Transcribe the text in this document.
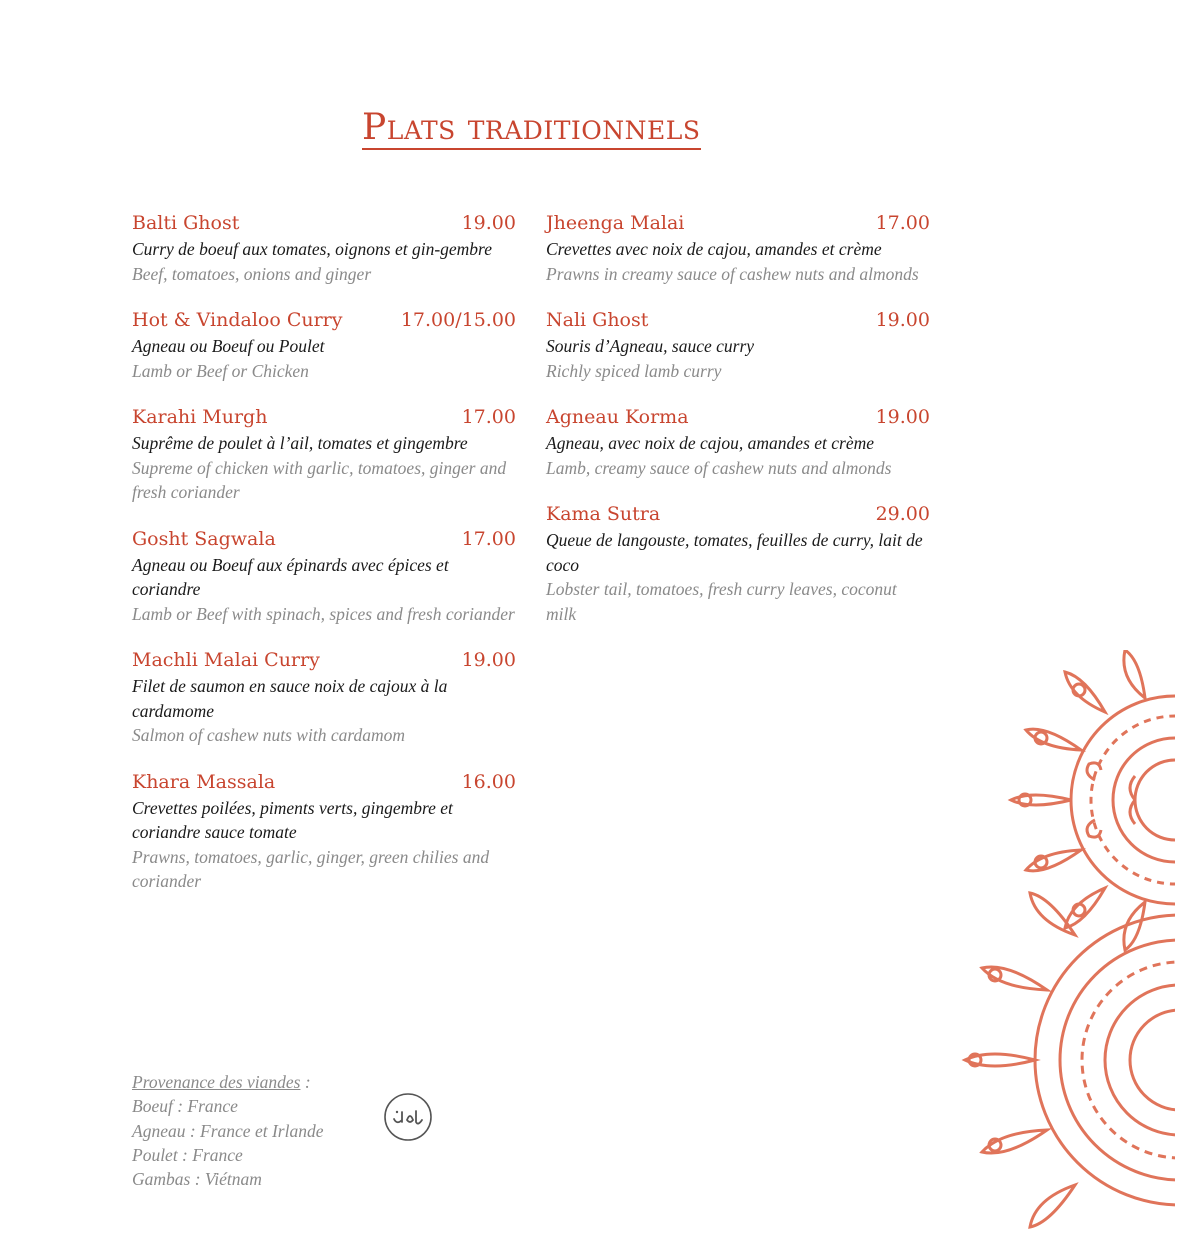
Plats traditionnels
Balti Ghost	19.00
Curry de boeuf aux tomates, oignons et gin-gembre
Beef, tomatoes, onions and ginger
Hot & Vindaloo Curry	17.00/15.00
Agneau ou Boeuf ou Poulet
Lamb or Beef or Chicken
Karahi Murgh	17.00
Suprême de poulet à l’ail, tomates et gingembre
Supreme of chicken with garlic, tomatoes, ginger and fresh coriander
Gosht Sagwala	17.00
Agneau ou Boeuf aux épinards avec épices et coriandre
Lamb or Beef with spinach, spices and fresh coriander
Machli Malai Curry	19.00
Filet de saumon en sauce noix de cajoux à la cardamome
Salmon of cashew nuts with cardamom
Khara Massala	16.00
Crevettes poilées, piments verts, gingembre et coriandre sauce tomate
Prawns, tomatoes, garlic, ginger, green chilies and coriander
Jheenga Malai	17.00
Crevettes avec noix de cajou, amandes et crème
Prawns in creamy sauce of cashew nuts and almonds
Nali Ghost	19.00
Souris d’Agneau, sauce curry
Richly spiced lamb curry
Agneau Korma	19.00
Agneau, avec noix de cajou, amandes et crème
Lamb, creamy sauce of cashew nuts and almonds
Kama Sutra	29.00
Queue de langouste, tomates, feuilles de curry, lait de coco
Lobster tail, tomatoes, fresh curry leaves, coconut milk
Provenance des viandes :
Boeuf : France
Agneau : France et Irlande
Poulet : France
Gambas : Viétnam
